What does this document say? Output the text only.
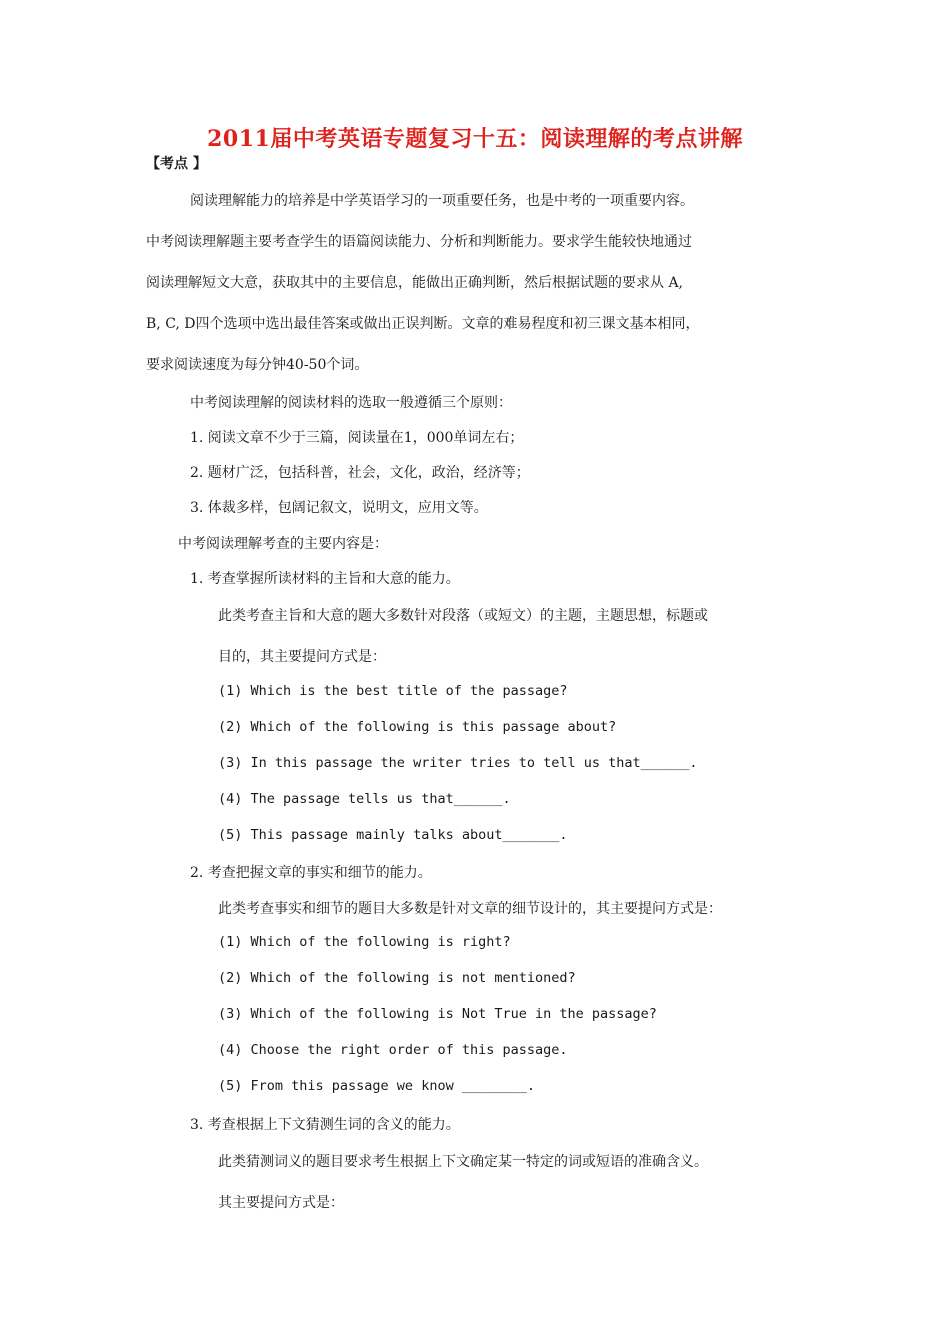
2011届中考英语专题复习十五：阅读理解的考点讲解
【考点 】
阅读理解能力的培养是中学英语学习的一项重要任务，也是中考的一项重要内容。
中考阅读理解题主要考查学生的语篇阅读能力、分析和判断能力。要求学生能较快地通过
阅读理解短文大意，获取其中的主要信息，能做出正确判断，然后根据试题的要求从 A,
B, C, D四个选项中选出最佳答案或做出正误判断。文章的难易程度和初三课文基本相同，
要求阅读速度为每分钟40-50个词。
中考阅读理解的阅读材料的选取一般遵循三个原则：
1. 阅读文章不少于三篇，阅读量在1，000单词左右；
2. 题材广泛，包括科普，社会，文化，政治，经济等；
3. 体裁多样，包阔记叙文，说明文，应用文等。
中考阅读理解考查的主要内容是：
1. 考查掌握所读材料的主旨和大意的能力。
此类考查主旨和大意的题大多数针对段落（或短文）的主题，主题思想，标题或
目的，其主要提问方式是：
(1) Which is the best title of the passage?
(2) Which of the following is this passage about?
(3) In this passage the writer tries to tell us that______.
(4) The passage tells us that______.
(5) This passage mainly talks about_______.
2. 考查把握文章的事实和细节的能力。
此类考查事实和细节的题目大多数是针对文章的细节设计的，其主要提问方式是：
(1) Which of the following is right?
(2) Which of the following is not mentioned?
(3) Which of the following is Not True in the passage?
(4) Choose the right order of this passage.
(5) From this passage we know ________.
3. 考查根据上下文猜测生词的含义的能力。
此类猜测词义的题目要求考生根据上下文确定某一特定的词或短语的准确含义。
其主要提问方式是：
